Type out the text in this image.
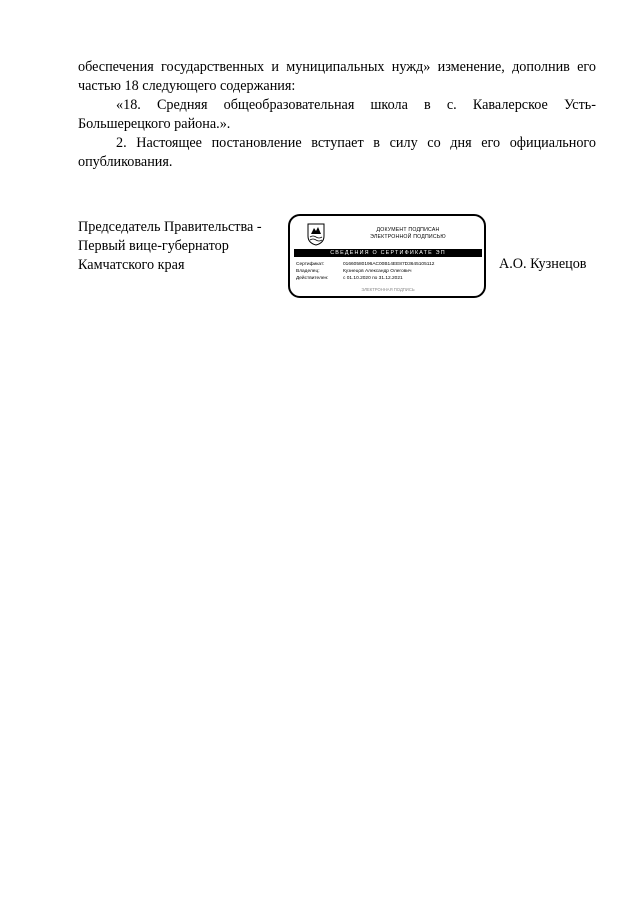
обеспечения государственных и муниципальных нужд» изменение, дополнив его частью 18 следующего содержания:

«18. Средняя общеобразовательная школа в с. Кавалерское Усть-Большерецкого района.».

2. Настоящее постановление вступает в силу со дня его официального опубликования.

Председатель Правительства -
Первый вице-губернатор
Камчатского края
ДОКУМЕНТ ПОДПИСАН
ЭЛЕКТРОННОЙ ПОДПИСЬЮ
СВЕДЕНИЯ О СЕРТИФИКАТЕ ЭП
Сертификат:	01660580196AC00B14EE87D3645105112
Владелец:	Кузнецов Александр Олегович
Действителен:	с 01.10.2020 по 31.12.2021
ЭЛЕКТРОННАЯ ПОДПИСЬ
А.О. Кузнецов
